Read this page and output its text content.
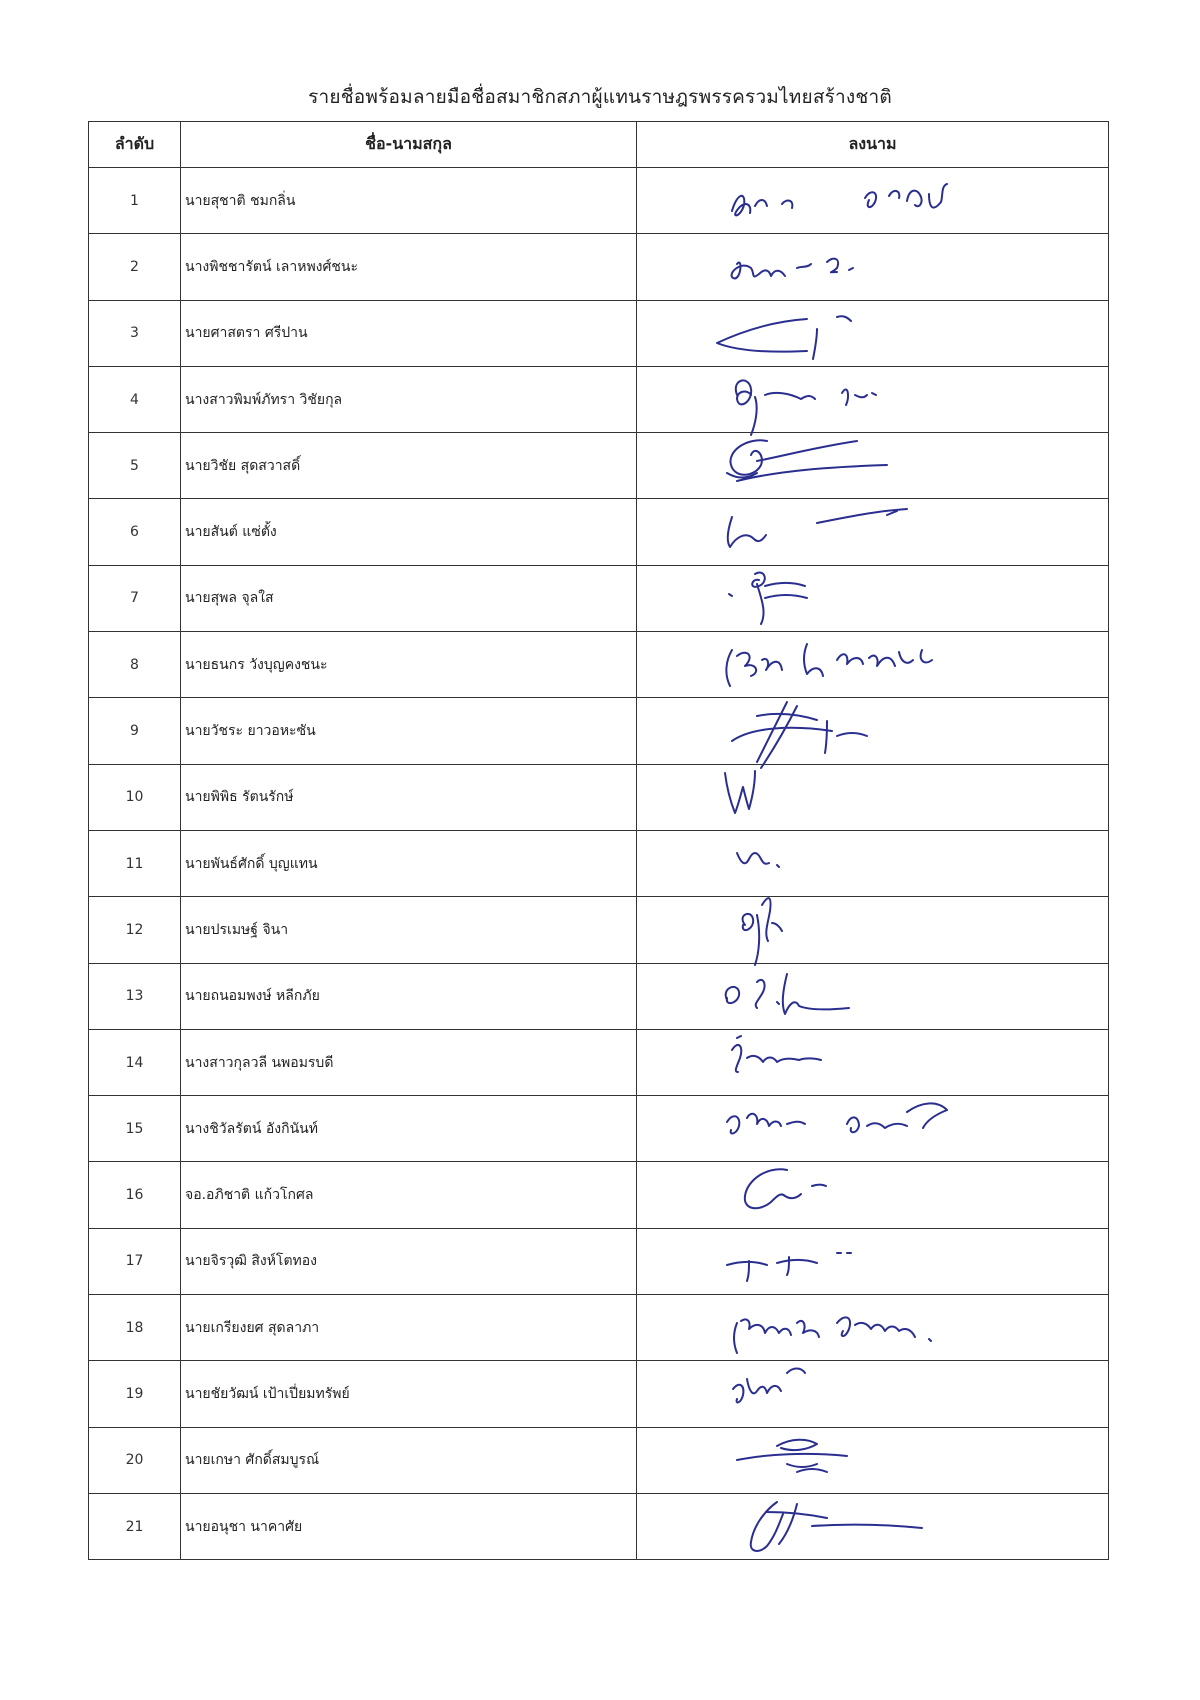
รายชื่อพร้อมลายมือชื่อสมาชิกสภาผู้แทนราษฎรพรรครวมไทยสร้างชาติ
ลำดับ	ชื่อ-นามสกุล	ลงนาม
1	นายสุชาติ ชมกลิ่น	

2	นางพิชชารัตน์ เลาหพงศ์ชนะ	

3	นายศาสตรา ศรีปาน	

4	นางสาวพิมพ์ภัทรา วิชัยกุล	

5	นายวิชัย สุดสวาสดิ์	

6	นายสันต์ แซ่ตั้ง	

7	นายสุพล จุลใส	

8	นายธนกร วังบุญคงชนะ	

9	นายวัชระ ยาวอหะซัน	

10	นายพิพิธ รัตนรักษ์	

11	นายพันธ์ศักดิ์ บุญแทน	

12	นายปรเมษฐ์ จินา	

13	นายถนอมพงษ์ หลีกภัย	

14	นางสาวกุลวลี นพอมรบดี	

15	นางชิวัลรัตน์ อังกินันท์	

16	จอ.อภิชาติ แก้วโกศล	

17	นายจิรวุฒิ สิงห์โตทอง	

18	นายเกรียงยศ สุดลาภา	

19	นายชัยวัฒน์ เป้าเปี่ยมทรัพย์	

20	นายเกษา ศักดิ์สมบูรณ์	

21	นายอนุชา นาคาศัย	
